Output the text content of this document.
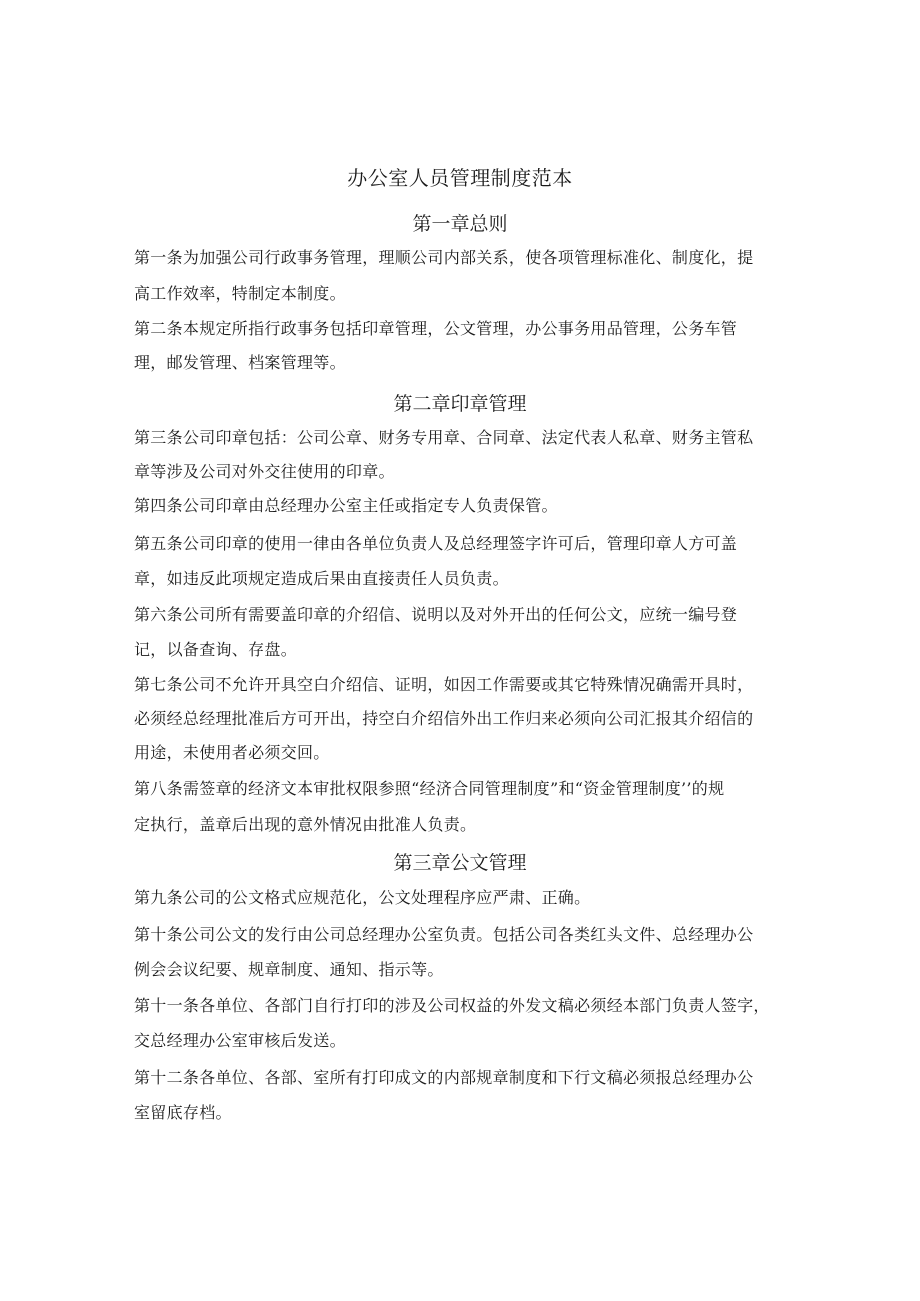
办公室人员管理制度范本
第一章总则

第一条为加强公司行政事务管理，理顺公司内部关系，使各项管理标准化、制度化，提

高工作效率，特制定本制度。

第二条本规定所指行政事务包括印章管理，公文管理，办公事务用品管理，公务车管

理，邮发管理、档案管理等。

第二章印章管理

第三条公司印章包括：公司公章、财务专用章、合同章、法定代表人私章、财务主管私

章等涉及公司对外交往使用的印章。

第四条公司印章由总经理办公室主任或指定专人负责保管。

第五条公司印章的使用一律由各单位负责人及总经理签字许可后，管理印章人方可盖

章，如违反此项规定造成后果由直接责任人员负责。

第六条公司所有需要盖印章的介绍信、说明以及对外开出的任何公文，应统一编号登

记，以备查询、存盘。

第七条公司不允许开具空白介绍信、证明，如因工作需要或其它特殊情况确需开具时，

必须经总经理批准后方可开出，持空白介绍信外出工作归来必须向公司汇报其介绍信的

用途，未使用者必须交回。

第八条需签章的经济文本审批权限参照“经济合同管理制度”和“资金管理制度’’的规

定执行，盖章后出现的意外情况由批准人负责。

第三章公文管理

第九条公司的公文格式应规范化，公文处理程序应严肃、正确。

第十条公司公文的发行由公司总经理办公室负责。包括公司各类红头文件、总经理办公

例会会议纪要、规章制度、通知、指示等。

第十一条各单位、各部门自行打印的涉及公司权益的外发文稿必须经本部门负责人签字，

交总经理办公室审核后发送。

第十二条各单位、各部、室所有打印成文的内部规章制度和下行文稿必须报总经理办公

室留底存档。
